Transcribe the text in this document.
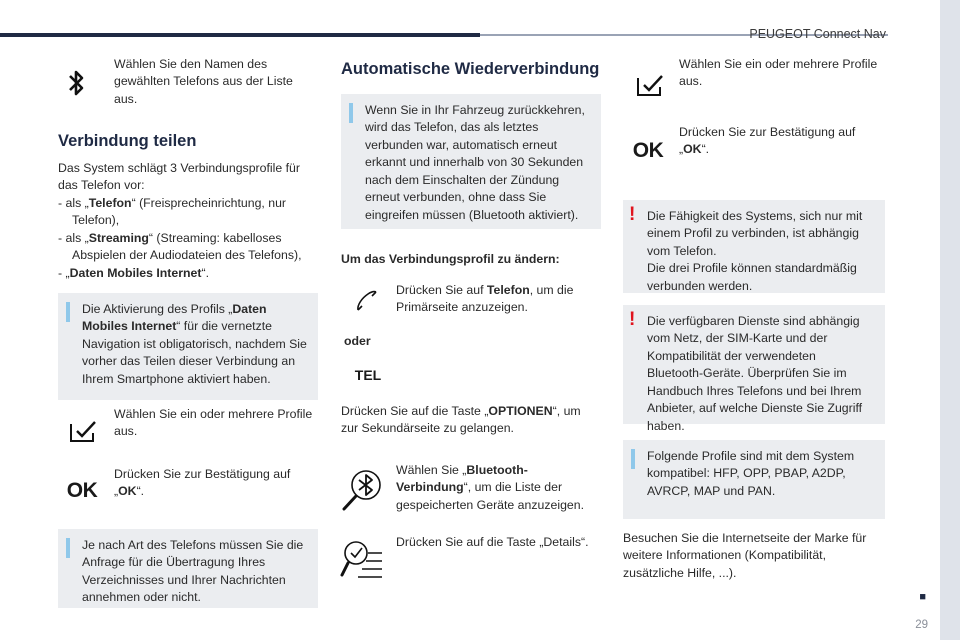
PEUGEOT Connect Nav
■
29

Wählen Sie den Namen des gewählten Telefons aus der Liste aus.

Verbindung teilen

Das System schlägt 3 Verbindungsprofile für das Telefon vor:

- als „Telefon“ (Freisprecheinrichtung, nur Telefon),
- als „Streaming“ (Streaming: kabelloses Abspielen der Audiodateien des Telefons),
- „Daten Mobiles Internet“.

Die Aktivierung des Profils „Daten Mobiles Internet“ für die vernetzte Navigation ist obligatorisch, nachdem Sie vorher das Teilen dieser Verbindung an Ihrem Smartphone aktiviert haben.

Wählen Sie ein oder mehrere Profile aus.
OK
Drücken Sie zur Bestätigung auf „OK“.

Je nach Art des Telefons müssen Sie die Anfrage für die Übertragung Ihres Verzeichnisses und Ihrer Nachrichten annehmen oder nicht.

Automatische Wiederverbindung

Wenn Sie in Ihr Fahrzeug zurückkehren, wird das Telefon, das als letztes verbunden war, automatisch erneut erkannt und innerhalb von 30 Sekunden nach dem Einschalten der Zündung erneut verbunden, ohne dass Sie eingreifen müssen (Bluetooth aktiviert).

Um das Verbindungsprofil zu ändern:
Drücken Sie auf Telefon, um die Primärseite anzuzeigen.
oder
TEL
Drücken Sie auf die Taste „OPTIONEN“, um zur Sekundärseite zu gelangen.
Wählen Sie „Bluetooth-Verbindung“, um die Liste der gespeicherten Geräte anzuzeigen.
Drücken Sie auf die Taste „Details“.
Wählen Sie ein oder mehrere Profile aus.
OK
Drücken Sie zur Bestätigung auf „OK“.
! Die Fähigkeit des Systems, sich nur mit einem Profil zu verbinden, ist abhängig vom Telefon.

Die drei Profile können standardmäßig verbunden werden.

! Die verfügbaren Dienste sind abhängig vom Netz, der SIM-Karte und der Kompatibilität der verwendeten Bluetooth-Geräte. Überprüfen Sie im Handbuch Ihres Telefons und bei Ihrem Anbieter, auf welche Dienste Sie Zugriff haben.

Folgende Profile sind mit dem System kompatibel: HFP, OPP, PBAP, A2DP, AVRCP, MAP und PAN.

Besuchen Sie die Internetseite der Marke für weitere Informationen (Kompatibilität, zusätzliche Hilfe, ...).
